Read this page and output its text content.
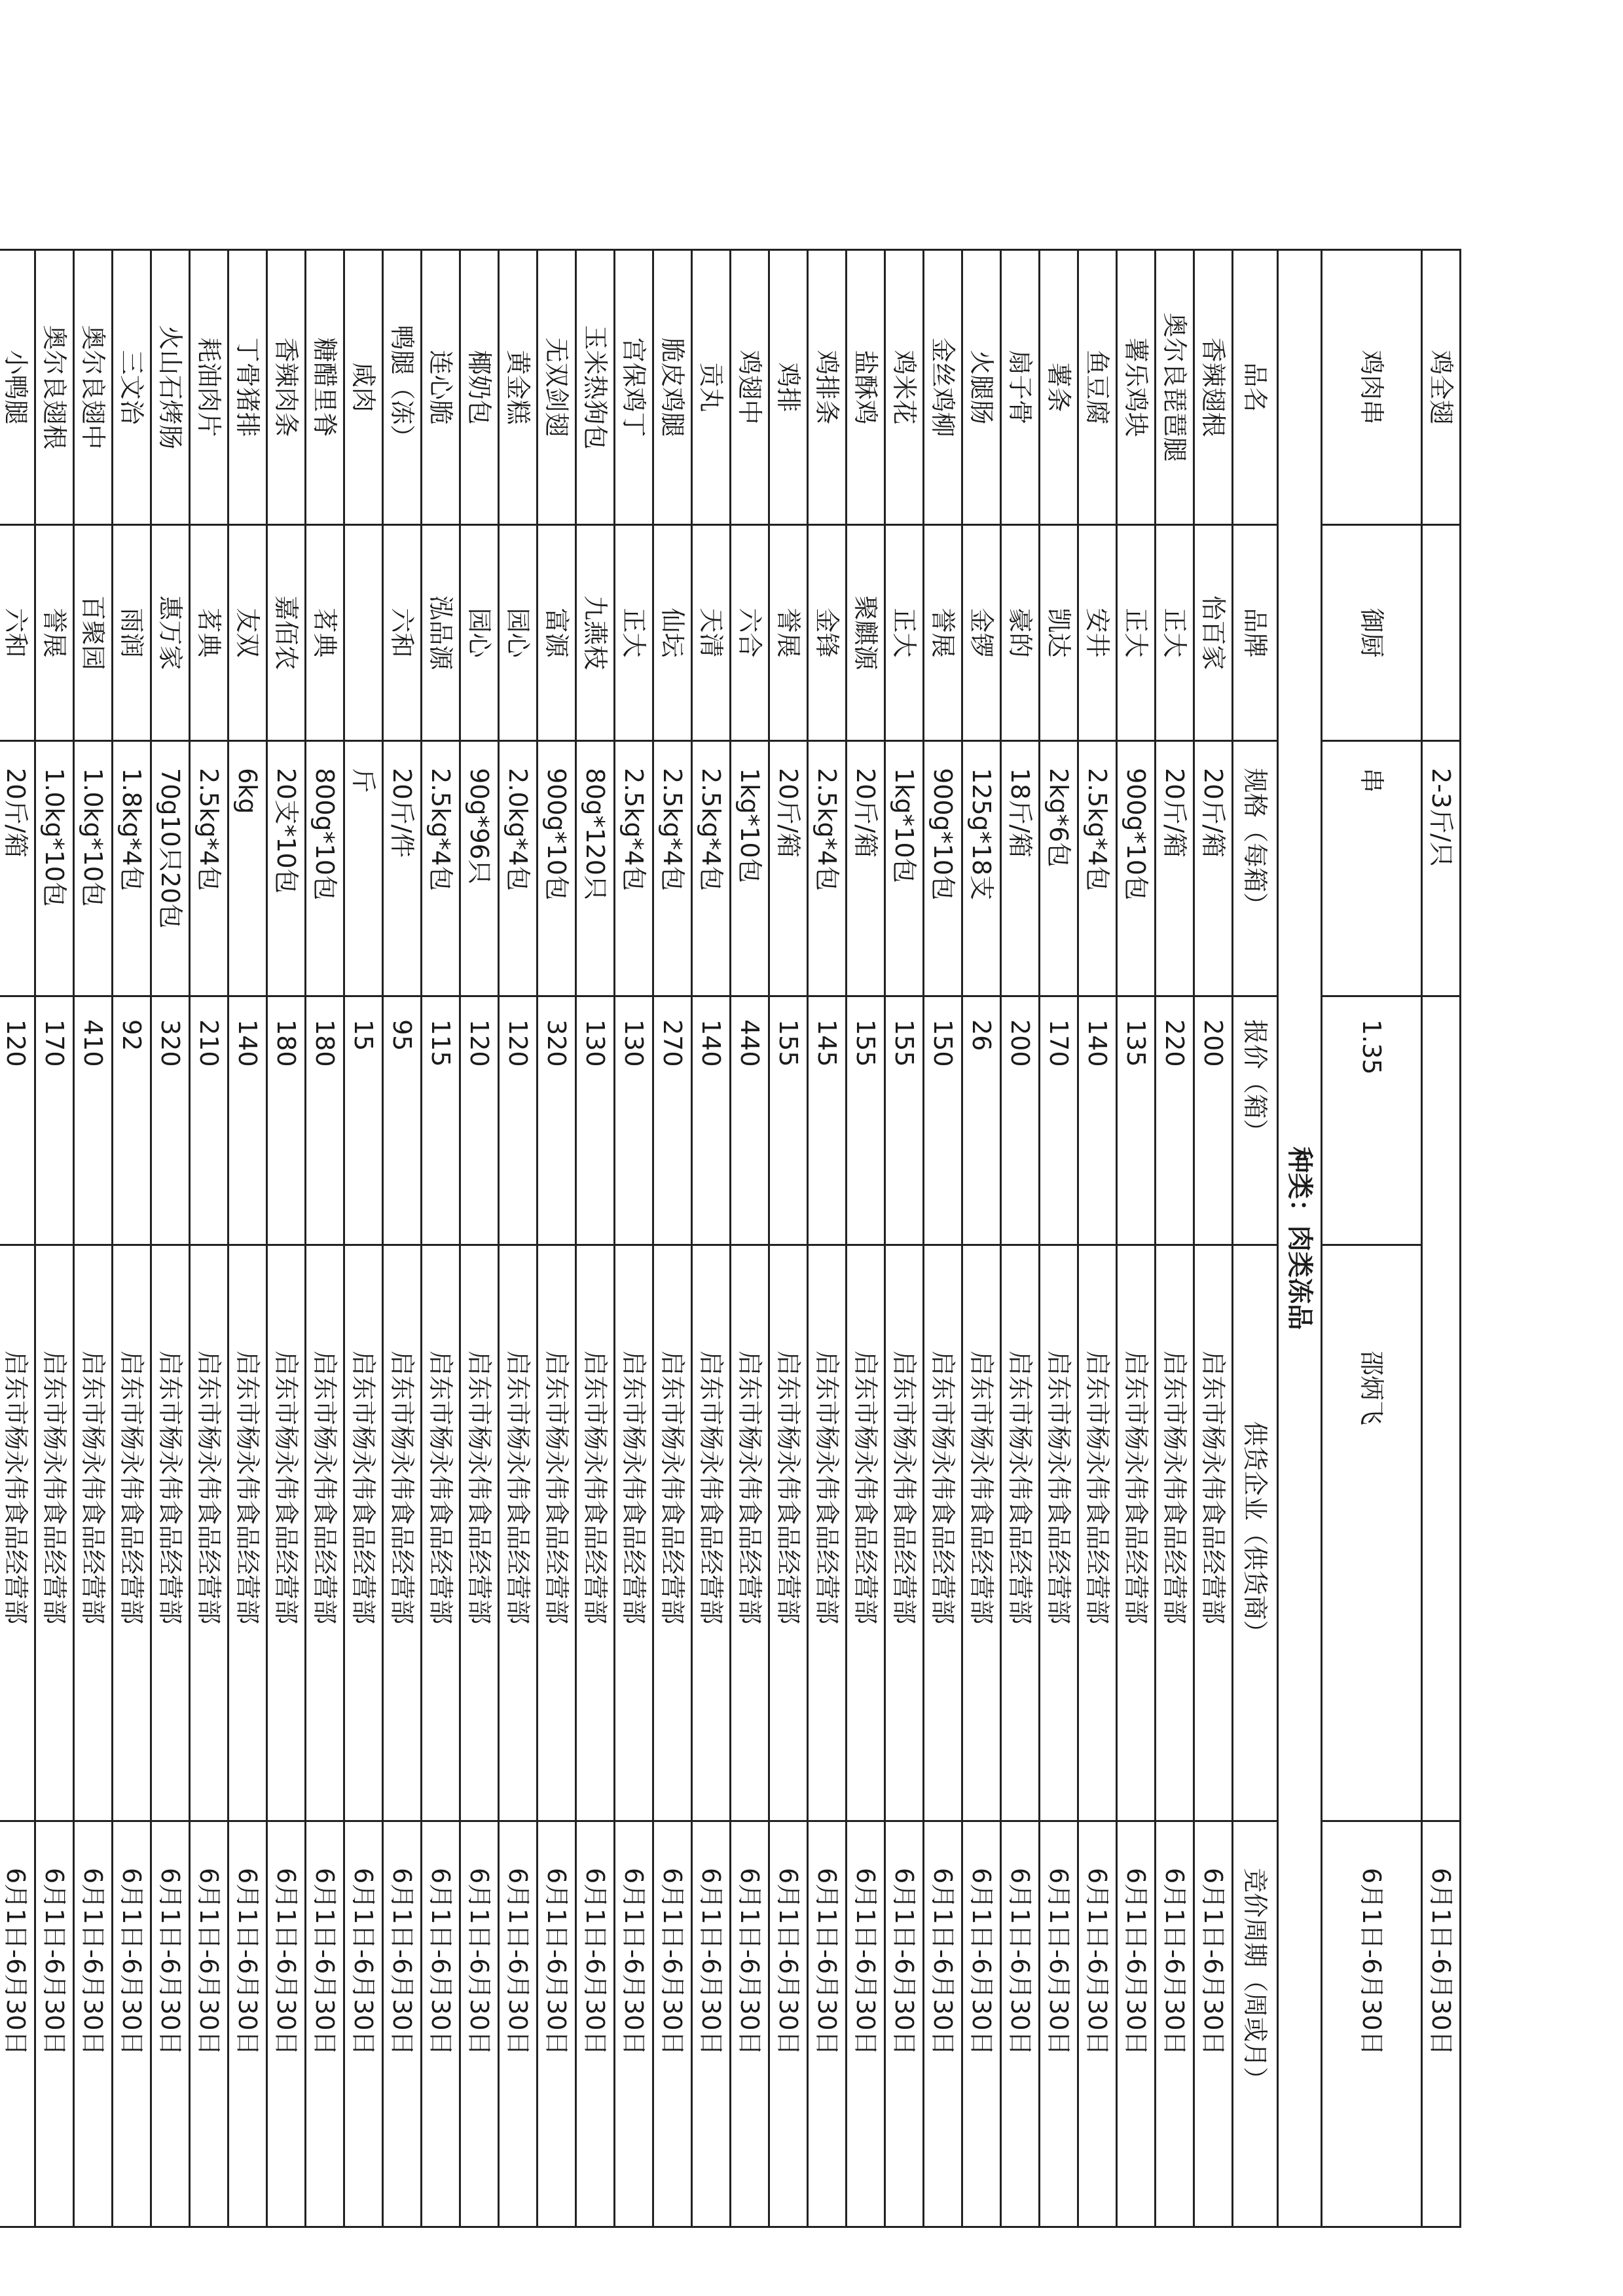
鸡全翅		2-3斤/只			6月1日-6月30日
鸡肉串	御厨	串	1.35	邵炳飞	6月1日-6月30日
种类：肉类冻品					
品名	品牌	规格（每箱）	报价（箱）	供货企业（供货商）	竞价周期（周或月）
香辣翅根	怡百家	20斤/箱	200	启东市杨永伟食品经营部	6月1日-6月30日
奥尔良琵琶腿	正大	20斤/箱	220	启东市杨永伟食品经营部	6月1日-6月30日
薯乐鸡块	正大	900g*10包	135	启东市杨永伟食品经营部	6月1日-6月30日
鱼豆腐	安井	2.5kg*4包	140	启东市杨永伟食品经营部	6月1日-6月30日
薯条	凯达	2kg*6包	170	启东市杨永伟食品经营部	6月1日-6月30日
扇子骨	豪的	18斤/箱	200	启东市杨永伟食品经营部	6月1日-6月30日
火腿肠	金锣	125g*18支	26	启东市杨永伟食品经营部	6月1日-6月30日
金丝鸡柳	誉展	900g*10包	150	启东市杨永伟食品经营部	6月1日-6月30日
鸡米花	正大	1kg*10包	155	启东市杨永伟食品经营部	6月1日-6月30日
盐酥鸡	聚麒源	20斤/箱	155	启东市杨永伟食品经营部	6月1日-6月30日
鸡排条	金锋	2.5kg*4包	145	启东市杨永伟食品经营部	6月1日-6月30日
鸡排	誉展	20斤/箱	155	启东市杨永伟食品经营部	6月1日-6月30日
鸡翅中	六合	1kg*10包	440	启东市杨永伟食品经营部	6月1日-6月30日
贡丸	天清	2.5kg*4包	140	启东市杨永伟食品经营部	6月1日-6月30日
脆皮鸡腿	仙坛	2.5kg*4包	270	启东市杨永伟食品经营部	6月1日-6月30日
宫保鸡丁	正大	2.5kg*4包	130	启东市杨永伟食品经营部	6月1日-6月30日
玉米热狗包	九燕枝	80g*120只	130	启东市杨永伟食品经营部	6月1日-6月30日
无双剑翅	富源	900g*10包	320	启东市杨永伟食品经营部	6月1日-6月30日
黄金糕	园心	2.0kg*4包	120	启东市杨永伟食品经营部	6月1日-6月30日
椰奶包	园心	90g*96只	120	启东市杨永伟食品经营部	6月1日-6月30日
连心脆	泓品源	2.5kg*4包	115	启东市杨永伟食品经营部	6月1日-6月30日
鸭腿（冻）	六和	20斤/件	95	启东市杨永伟食品经营部	6月1日-6月30日
咸肉		斤	15	启东市杨永伟食品经营部	6月1日-6月30日
糖醋里脊	茗典	800g*10包	180	启东市杨永伟食品经营部	6月1日-6月30日
香辣肉条	嘉佰农	20支*10包	180	启东市杨永伟食品经营部	6月1日-6月30日
丁骨猪排	友双	6kg	140	启东市杨永伟食品经营部	6月1日-6月30日
耗油肉片	茗典	2.5kg*4包	210	启东市杨永伟食品经营部	6月1日-6月30日
火山石烤肠	惠万家	70g10只20包	320	启东市杨永伟食品经营部	6月1日-6月30日
三文治	雨润	1.8kg*4包	92	启东市杨永伟食品经营部	6月1日-6月30日
奥尔良翅中	百聚园	1.0kg*10包	410	启东市杨永伟食品经营部	6月1日-6月30日
奥尔良翅根	誉展	1.0kg*10包	170	启东市杨永伟食品经营部	6月1日-6月30日
小鸭腿	六和	20斤/箱	120	启东市杨永伟食品经营部	6月1日-6月30日
